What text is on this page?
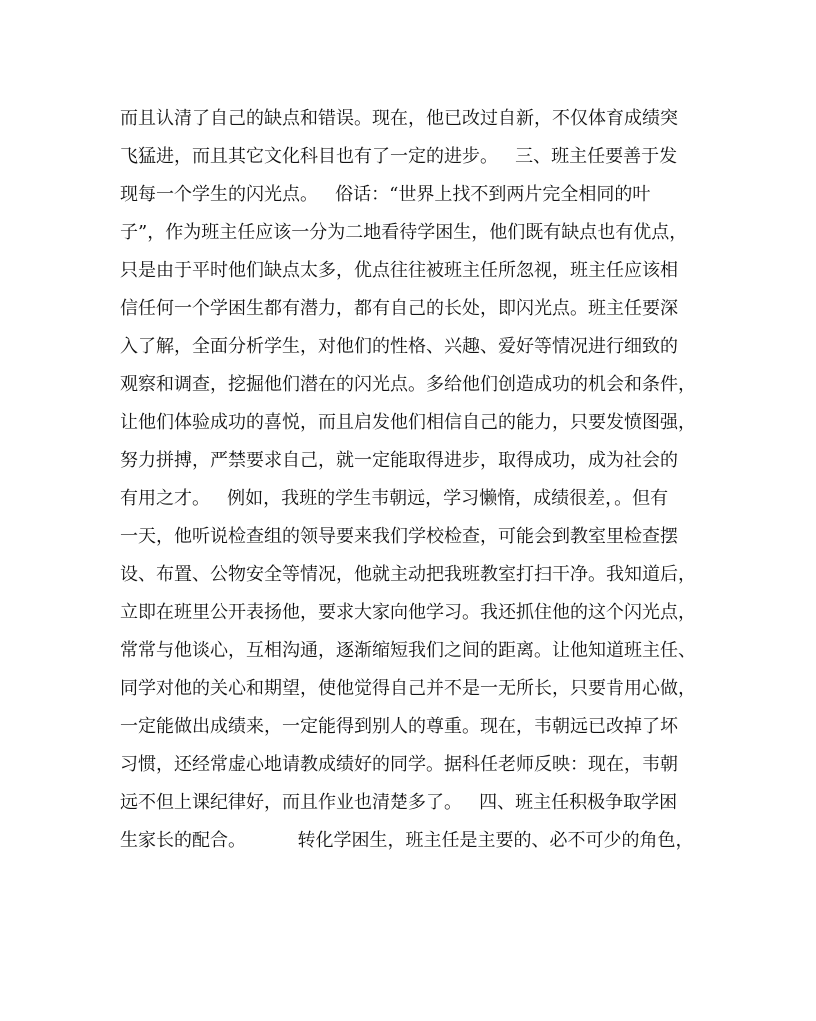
而且认清了自己的缺点和错误。现在，他已改过自新，不仅体育成绩突
飞猛进，而且其它文化科目也有了一定的进步。   三、班主任要善于发
现每一个学生的闪光点。   俗话：“世界上找不到两片完全相同的叶
子”，作为班主任应该一分为二地看待学困生，他们既有缺点也有优点，
只是由于平时他们缺点太多，优点往往被班主任所忽视，班主任应该相
信任何一个学困生都有潜力，都有自己的长处，即闪光点。班主任要深
入了解，全面分析学生，对他们的性格、兴趣、爱好等情况进行细致的
观察和调查，挖掘他们潜在的闪光点。多给他们创造成功的机会和条件，
让他们体验成功的喜悦，而且启发他们相信自己的能力，只要发愤图强，
努力拼搏，严禁要求自己，就一定能取得进步，取得成功，成为社会的
有用之才。   例如，我班的学生韦朝远，学习懒惰，成绩很差，。但有
一天，他听说检查组的领导要来我们学校检查，可能会到教室里检查摆
设、布置、公物安全等情况，他就主动把我班教室打扫干净。我知道后，
立即在班里公开表扬他，要求大家向他学习。我还抓住他的这个闪光点，
常常与他谈心，互相沟通，逐渐缩短我们之间的距离。让他知道班主任、
同学对他的关心和期望，使他觉得自己并不是一无所长，只要肯用心做，
一定能做出成绩来，一定能得到别人的尊重。现在，韦朝远已改掉了坏
习惯，还经常虚心地请教成绩好的同学。据科任老师反映：现在，韦朝
远不但上课纪律好，而且作业也清楚多了。   四、班主任积极争取学困
生家长的配合。         转化学困生，班主任是主要的、必不可少的角色，
